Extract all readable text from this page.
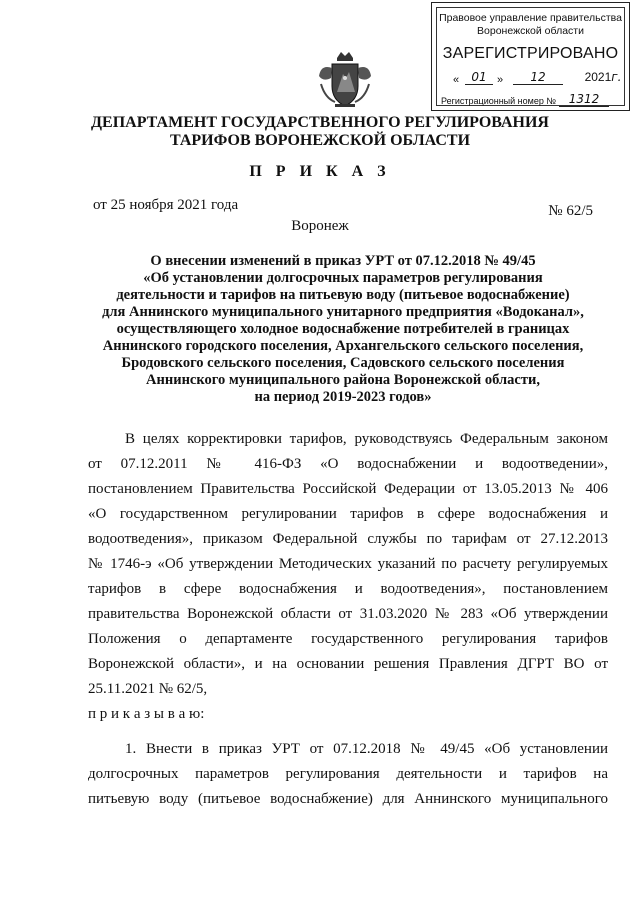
Правовое управление правительства
Воронежской области
ЗАРЕГИСТРИРОВАНО
«	01 »	12	2021г.
Регистрационный номер №	1312
ДЕПАРТАМЕНТ ГОСУДАРСТВЕННОГО РЕГУЛИРОВАНИЯ
ТАРИФОВ ВОРОНЕЖСКОЙ ОБЛАСТИ
П Р И К А З
от 25 ноября 2021 года	№ 62/5
Воронеж
О внесении изменений в приказ УРТ от 07.12.2018 № 49/45
«Об установлении долгосрочных параметров регулирования
деятельности и тарифов на питьевую воду (питьевое водоснабжение)
для Аннинского муниципального унитарного предприятия «Водоканал»,
осуществляющего холодное водоснабжение потребителей в границах
Аннинского городского поселения, Архангельского сельского поселения,
Бродовского сельского поселения, Садовского сельского поселения
Аннинского муниципального района Воронежской области,
на период 2019-2023 годов»
В целях корректировки тарифов, руководствуясь Федеральным законом
от 07.12.2011 № 416-ФЗ «О водоснабжении и водоотведении»,
постановлением Правительства Российской Федерации от 13.05.2013 № 406
«О государственном регулировании тарифов в сфере водоснабжения и
водоотведения», приказом Федеральной службы по тарифам от 27.12.2013
№ 1746-э «Об утверждении Методических указаний по расчету регулируемых
тарифов в сфере водоснабжения и водоотведения», постановлением
правительства Воронежской области от 31.03.2020 № 283 «Об утверждении
Положения о департаменте государственного регулирования тарифов
Воронежской области», и на основании решения Правления ДГРТ ВО от
25.11.2021 № 62/5,
п р и к а з ы в а ю:
1. Внести в приказ УРТ от 07.12.2018 № 49/45 «Об установлении
долгосрочных параметров регулирования деятельности и тарифов на
питьевую воду (питьевое водоснабжение) для Аннинского муниципального
